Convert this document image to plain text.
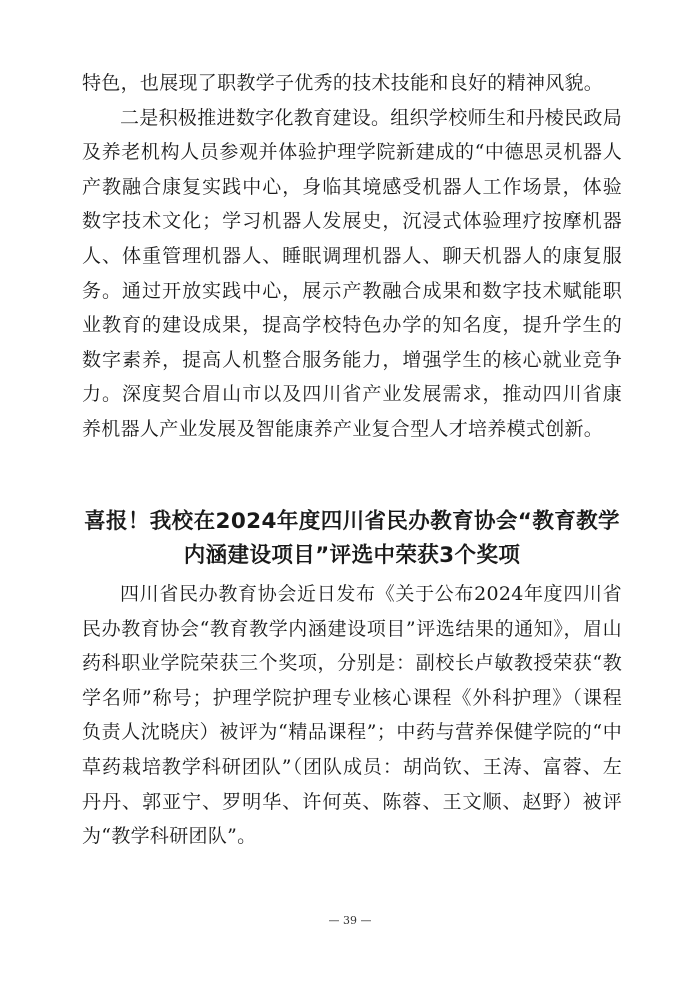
特色，也展现了职教学子优秀的技术技能和良好的精神风貌。

二是积极推进数字化教育建设。组织学校师生和丹棱民政局及养老机构人员参观并体验护理学院新建成的“中德思灵机器人产教融合康复实践中心，身临其境感受机器人工作场景，体验数字技术文化；学习机器人发展史，沉浸式体验理疗按摩机器人、体重管理机器人、睡眠调理机器人、聊天机器人的康复服务。通过开放实践中心，展示产教融合成果和数字技术赋能职业教育的建设成果，提高学校特色办学的知名度，提升学生的数字素养，提高人机整合服务能力，增强学生的核心就业竞争力。深度契合眉山市以及四川省产业发展需求，推动四川省康养机器人产业发展及智能康养产业复合型人才培养模式创新。

喜报！我校在2024年度四川省民办教育协会“教育教学内涵建设项目”评选中荣获3个奖项

四川省民办教育协会近日发布《关于公布2024年度四川省民办教育协会“教育教学内涵建设项目”评选结果的通知》，眉山药科职业学院荣获三个奖项，分别是：副校长卢敏教授荣获“教学名师”称号；护理学院护理专业核心课程《外科护理》（课程负责人沈晓庆）被评为“精品课程”；中药与营养保健学院的“中草药栽培教学科研团队”（团队成员：胡尚钦、王涛、富蓉、左丹丹、郭亚宁、罗明华、许何英、陈蓉、王文顺、赵野）被评为“教学科研团队”。

— 39 —
